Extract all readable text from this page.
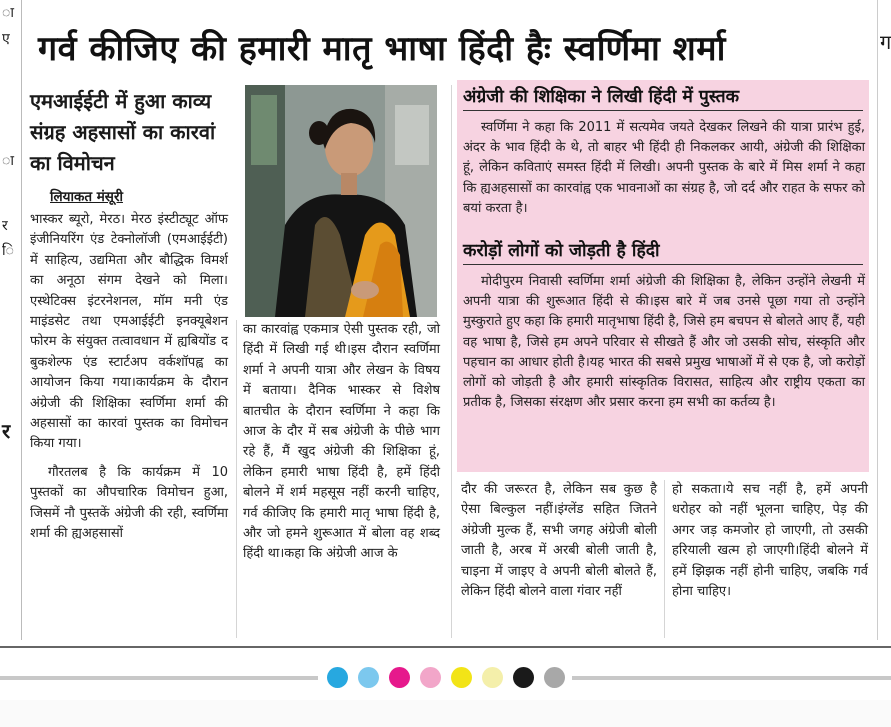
ा
ए
ा
र
ि
र
ग
गर्व कीजिए की हमारी मातृ भाषा हिंदी हैः स्वर्णिमा शर्मा
एमआईईटी में हुआ काव्य संग्रह अहसासों का कारवां का विमोचन
लियाकत मंसूरी

भास्कर ब्यूरो, मेरठ। मेरठ इंस्टीट्यूट ऑफ इंजीनियरिंग एंड टेक्नोलॉजी (एमआईईटी) में साहित्य, उद्यमिता और बौद्धिक विमर्श का अनूठा संगम देखने को मिला।एस्थेटिक्स इंटरनेशनल, मॉम मनी एंड माइंडसेट तथा एमआईईटी इनक्यूबेशन फोरम के संयुक्त तत्वावधान में ह्यबियोंड द बुकशेल्फ एंड स्टार्टअप वर्कशॉपह्व का आयोजन किया गया।कार्यक्रम के दौरान अंग्रेजी की शिक्षिका स्वर्णिमा शर्मा की अहसासों का कारवां पुस्तक का विमोचन किया गया।

गौरतलब है कि कार्यक्रम में 10 पुस्तकों का औपचारिक विमोचन हुआ, जिसमें नौ पुस्तकें अंग्रेजी की रही, स्वर्णिमा शर्मा की ह्यअहसासों

का कारवांह्व एकमात्र ऐसी पुस्तक रही, जो हिंदी में लिखी गई थी।इस दौरान स्वर्णिमा शर्मा ने अपनी यात्रा और लेखन के विषय में बताया। दैनिक भास्कर से विशेष बातचीत के दौरान स्वर्णिमा ने कहा कि आज के दौर में सब अंग्रेजी के पीछे भाग रहे हैं, मैं खुद अंग्रेजी की शिक्षिका हूं, लेकिन हमारी भाषा हिंदी है, हमें हिंदी बोलने में शर्म महसूस नहीं करनी चाहिए, गर्व कीजिए कि हमारी मातृ भाषा हिंदी है, और जो हमने शुरूआत में बोला वह शब्द हिंदी था।कहा कि अंग्रेजी आज के

अंग्रेजी की शिक्षिका ने लिखी हिंदी में पुस्तक

स्वर्णिमा ने कहा कि 2011 में सत्यमेव जयते देखकर लिखने की यात्रा प्रारंभ हुई, अंदर के भाव हिंदी के थे, तो बाहर भी हिंदी ही निकलकर आयी, अंग्रेजी की शिक्षिका हूं, लेकिन कविताएं समस्त हिंदी में लिखी। अपनी पुस्तक के बारे में मिस शर्मा ने कहा कि ह्यअहसासों का कारवांह्व एक भावनाओं का संग्रह है, जो दर्द और राहत के सफर को बयां करता है।

करोड़ों लोगों को जोड़ती है हिंदी

मोदीपुरम निवासी स्वर्णिमा शर्मा अंग्रेजी की शिक्षिका है, लेकिन उन्होंने लेखनी में अपनी यात्रा की शुरूआत हिंदी से की।इस बारे में जब उनसे पूछा गया तो उन्होंने मुस्कुराते हुए कहा कि हमारी मातृभाषा हिंदी है, जिसे हम बचपन से बोलते आए हैं, यही वह भाषा है, जिसे हम अपने परिवार से सीखते हैं और जो उसकी सोच, संस्कृति और पहचान का आधार होती है।यह भारत की सबसे प्रमुख भाषाओं में से एक है, जो करोड़ों लोगों को जोड़ती है और हमारी सांस्कृतिक विरासत, साहित्य और राष्ट्रीय एकता का प्रतीक है, जिसका संरक्षण और प्रसार करना हम सभी का कर्तव्य है।

दौर की जरूरत है, लेकिन सब कुछ है ऐसा बिल्कुल नहीं।इंग्लेंड सहित जितने अंग्रेजी मुल्क हैं, सभी जगह अंग्रेजी बोली जाती है, अरब में अरबी बोली जाती है, चाइना में जाइए वे अपनी बोली बोलते हैं, लेकिन हिंदी बोलने वाला गंवार नहीं

हो सकता।ये सच नहीं है, हमें अपनी धरोहर को नहीं भूलना चाहिए, पेड़ की अगर जड़ कमजोर हो जाएगी, तो उसकी हरियाली खत्म हो जाएगी।हिंदी बोलने में हमें झिझक नहीं होनी चाहिए, जबकि गर्व होना चाहिए।
